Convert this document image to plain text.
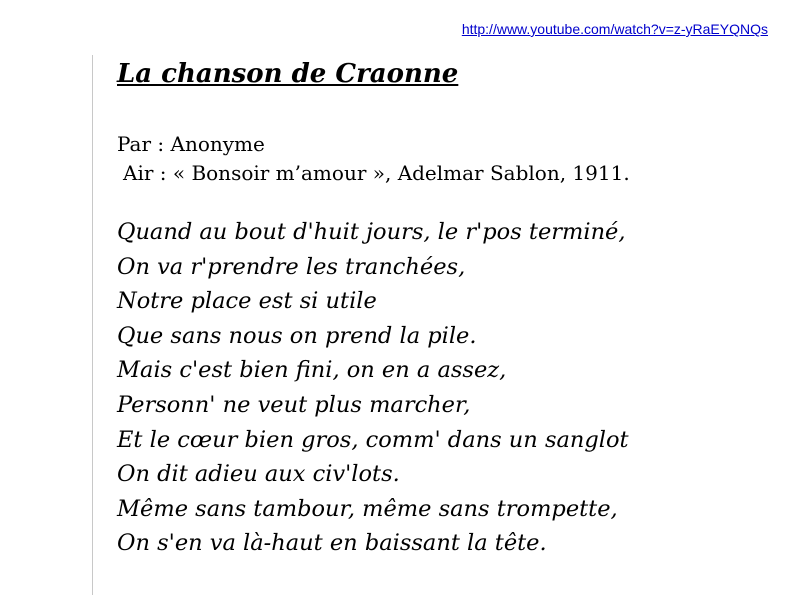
http://www.youtube.com/watch?v=z-yRaEYQNQs
La chanson de Craonne
Par : Anonyme
Air : « Bonsoir m’amour », Adelmar Sablon, 1911.
Quand au bout d'huit jours, le r'pos terminé,
On va r'prendre les tranchées,
Notre place est si utile
Que sans nous on prend la pile.
Mais c'est bien fini, on en a assez,
Personn' ne veut plus marcher,
Et le cœur bien gros, comm' dans un sanglot
On dit adieu aux civ'lots.
Même sans tambour, même sans trompette,
On s'en va là-haut en baissant la tête.
